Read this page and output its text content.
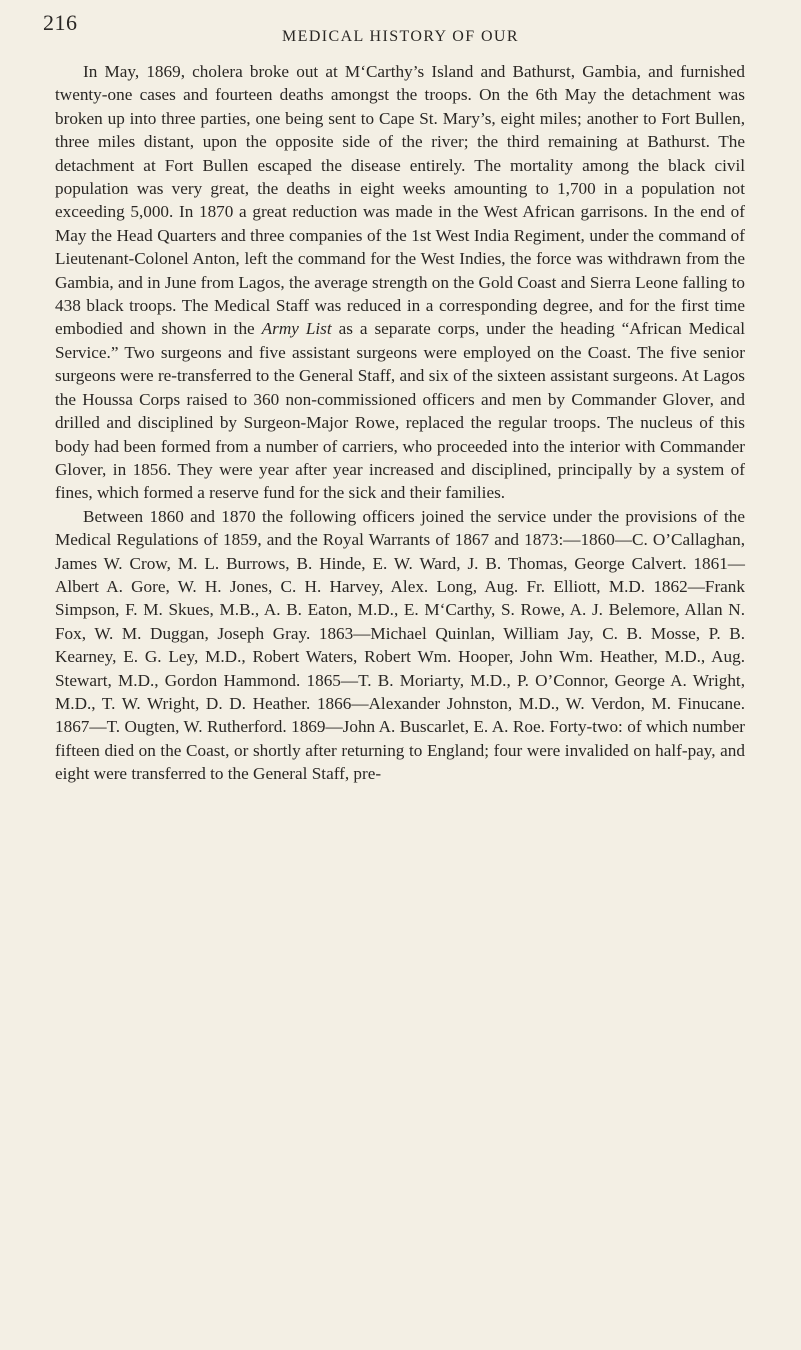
216
MEDICAL HISTORY OF OUR

In May, 1869, cholera broke out at M‘Carthy’s Island and Bathurst, Gambia, and furnished twenty-one cases and fourteen deaths amongst the troops. On the 6th May the detachment was broken up into three parties, one being sent to Cape St. Mary’s, eight miles; another to Fort Bullen, three miles distant, upon the opposite side of the river; the third remaining at Bathurst. The detachment at Fort Bullen escaped the disease entirely. The mortality among the black civil population was very great, the deaths in eight weeks amounting to 1,700 in a population not exceeding 5,000. In 1870 a great reduction was made in the West African garrisons. In the end of May the Head Quarters and three companies of the 1st West India Regiment, under the command of Lieutenant-Colonel Anton, left the command for the West Indies, the force was withdrawn from the Gambia, and in June from Lagos, the average strength on the Gold Coast and Sierra Leone falling to 438 black troops. The Medical Staff was reduced in a corresponding degree, and for the first time embodied and shown in the Army List as a separate corps, under the heading “African Medical Service.” Two surgeons and five assistant surgeons were employed on the Coast. The five senior surgeons were re-transferred to the General Staff, and six of the sixteen assistant surgeons. At Lagos the Houssa Corps raised to 360 non-commissioned officers and men by Commander Glover, and drilled and disciplined by Surgeon-Major Rowe, replaced the regular troops. The nucleus of this body had been formed from a number of carriers, who proceeded into the interior with Commander Glover, in 1856. They were year after year increased and disciplined, principally by a system of fines, which formed a reserve fund for the sick and their families.

Between 1860 and 1870 the following officers joined the service under the provisions of the Medical Regulations of 1859, and the Royal Warrants of 1867 and 1873:—1860—C. O’Callaghan, James W. Crow, M. L. Burrows, B. Hinde, E. W. Ward, J. B. Thomas, George Calvert. 1861—Albert A. Gore, W. H. Jones, C. H. Harvey, Alex. Long, Aug. Fr. Elliott, M.D. 1862—Frank Simpson, F. M. Skues, M.B., A. B. Eaton, M.D., E. M‘Carthy, S. Rowe, A. J. Belemore, Allan N. Fox, W. M. Duggan, Joseph Gray. 1863—Michael Quinlan, William Jay, C. B. Mosse, P. B. Kearney, E. G. Ley, M.D., Robert Waters, Robert Wm. Hooper, John Wm. Heather, M.D., Aug. Stewart, M.D., Gordon Hammond. 1865—T. B. Moriarty, M.D., P. O’Connor, George A. Wright, M.D., T. W. Wright, D. D. Heather. 1866—Alexander Johnston, M.D., W. Verdon, M. Finucane. 1867—T. Ougten, W. Rutherford. 1869—John A. Buscarlet, E. A. Roe. Forty-two: of which number fifteen died on the Coast, or shortly after returning to England; four were invalided on half-pay, and eight were transferred to the General Staff, pre-
